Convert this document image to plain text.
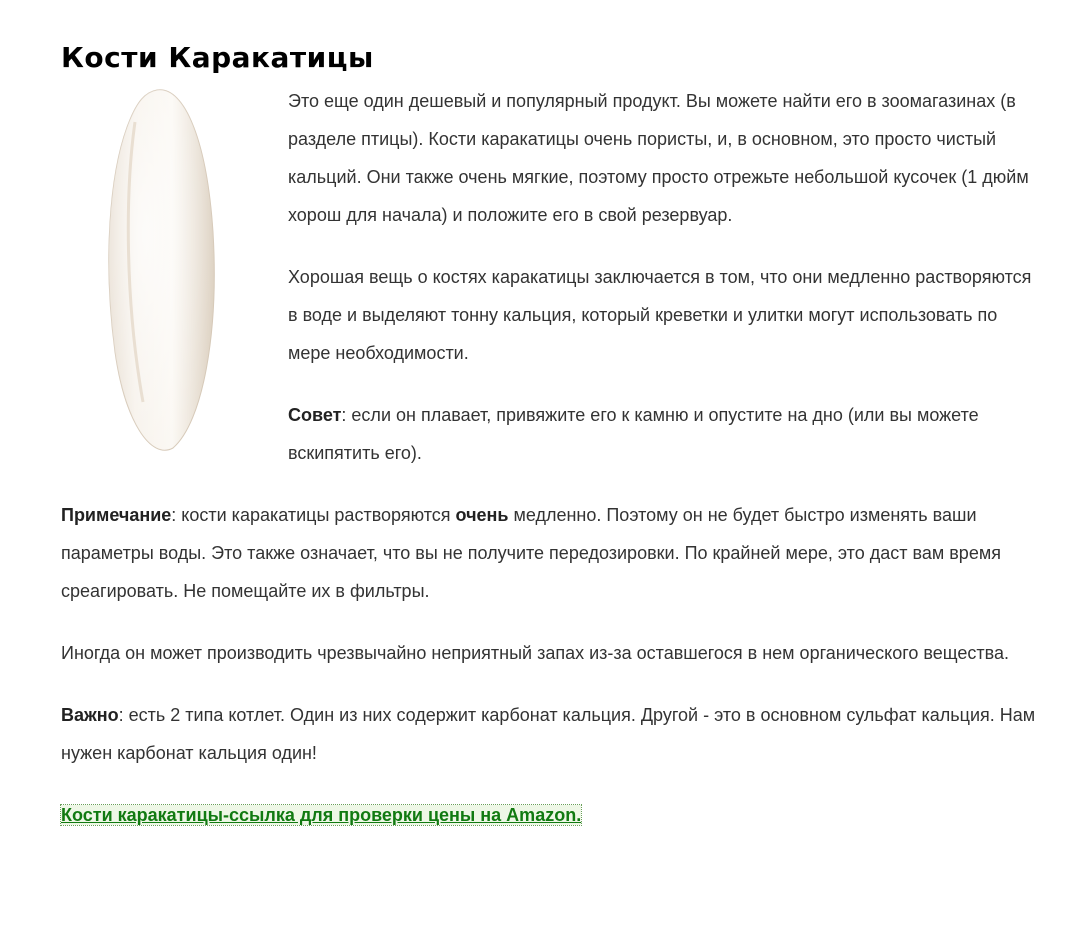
Кости Каракатицы

Это еще один дешевый и популярный продукт. Вы можете найти его в зоомагазинах (в разделе птицы). Кости каракатицы очень пористы, и, в основном, это просто чистый кальций. Они также очень мягкие, поэтому просто отрежьте небольшой кусочек (1 дюйм хорош для начала) и положите его в свой резервуар.

Хорошая вещь о костях каракатицы заключается в том, что они медленно растворяются в воде и выделяют тонну кальция, который креветки и улитки могут использовать по мере необходимости.

Совет: если он плавает, привяжите его к камню и опустите на дно (или вы можете вскипятить его).

Примечание: кости каракатицы растворяются очень медленно. Поэтому он не будет быстро изменять ваши параметры воды. Это также означает, что вы не получите передозировки. По крайней мере, это даст вам время среагировать. Не помещайте их в фильтры.

Иногда он может производить чрезвычайно неприятный запах из-за оставшегося в нем органического вещества.

Важно: есть 2 типа котлет. Один из них содержит карбонат кальция. Другой - это в основном сульфат кальция. Нам нужен карбонат кальция один!

Кости каракатицы-ссылка для проверки цены на Amazon.
